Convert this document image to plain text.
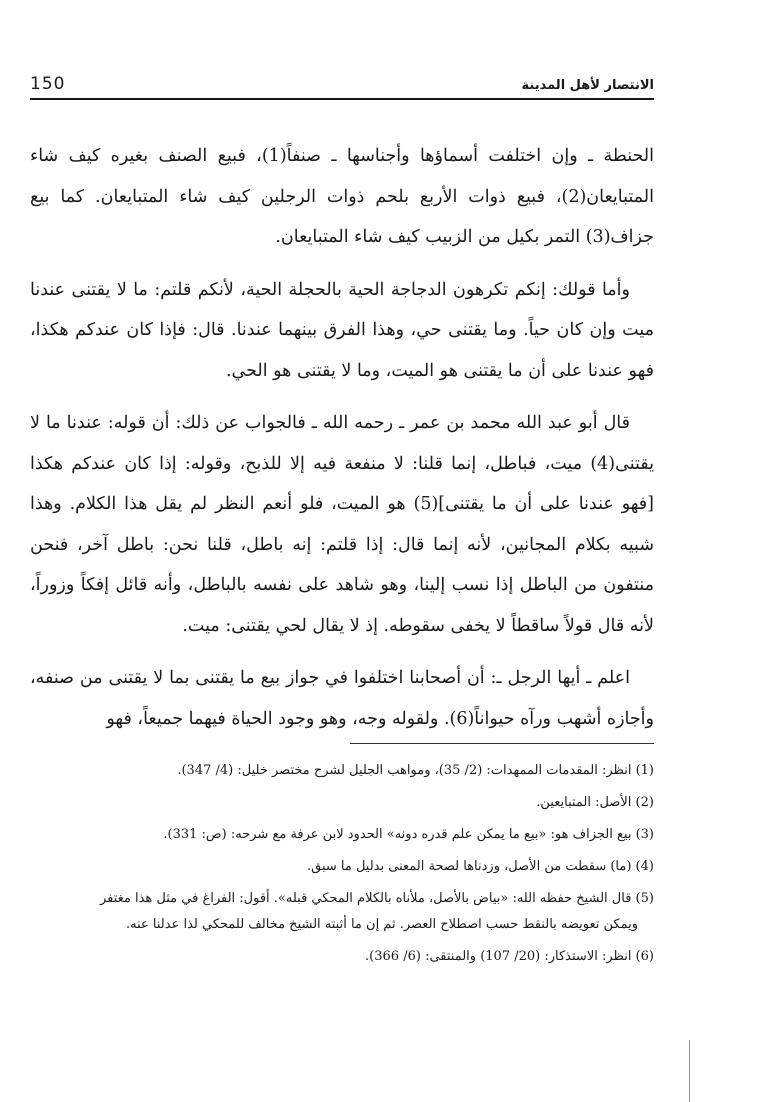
الانتصار لأهل المدينة
150

الحنطة ـ وإن اختلفت أسماؤها وأجناسها ـ صنفاً(1)، فبيع الصنف بغيره كيف شاء المتبايعان(2)، فبيع ذوات الأربع بلحم ذوات الرجلين كيف شاء المتبايعان. كما بيع جزاف(3) التمر بكيل من الزبيب كيف شاء المتبايعان.

وأما قولك: إنكم تكرهون الدجاجة الحية بالحجلة الحية، لأنكم قلتم: ما لا يقتنى عندنا ميت وإن كان حياً. وما يقتنى حي، وهذا الفرق بينهما عندنا. قال: فإذا كان عندكم هكذا، فهو عندنا على أن ما يقتنى هو الميت، وما لا يقتنى هو الحي.

قال أبو عبد الله محمد بن عمر ـ رحمه الله ـ فالجواب عن ذلك: أن قوله: عندنا ما لا يقتنى(4) ميت، فباطل، إنما قلنا: لا منفعة فيه إلا للذبح، وقوله: إذا كان عندكم هكذا [فهو عندنا على أن ما يقتنى](5) هو الميت، فلو أنعم النظر لم يقل هذا الكلام. وهذا شبيه بكلام المجانين، لأنه إنما قال: إذا قلتم: إنه باطل، قلنا نحن: باطل آخر، فنحن منتفون من الباطل إذا نسب إلينا، وهو شاهد على نفسه بالباطل، وأنه قائل إفكاً وزوراً، لأنه قال قولاً ساقطاً لا يخفى سقوطه. إذ لا يقال لحي يقتنى: ميت.

اعلم ـ أيها الرجل ـ: أن أصحابنا اختلفوا في جواز بيع ما يقتنى بما لا يقتنى من صنفه، وأجازه أشهب ورآه حيواناً(6). ولقوله وجه، وهو وجود الحياة فيهما جميعاً، فهو

(1) انظر: المقدمات الممهدات: (2/ 35)، ومواهب الجليل لشرح مختصر خليل: (4/ 347).

(2) الأصل: المتبايعين.

(3) بيع الجزاف هو: «بيع ما يمكن علم قدره دونه» الحدود لابن عرفة مع شرحه: (ص: 331).

(4) (ما) سقطت من الأصل، وزدناها لصحة المعنى بدليل ما سبق.

(5) قال الشيخ حفظه الله: «بياض بالأصل، ملأناه بالكلام المحكي قبله». أقول: الفراغ في مثل هذا مغتفر

ويمكن تعويضه بالنقط حسب اصطلاح العصر. ثم إن ما أثبته الشيخ مخالف للمحكي لذا عدلنا عنه.

(6) انظر: الاستذكار: (20/ 107) والمنتقى: (6/ 366).
